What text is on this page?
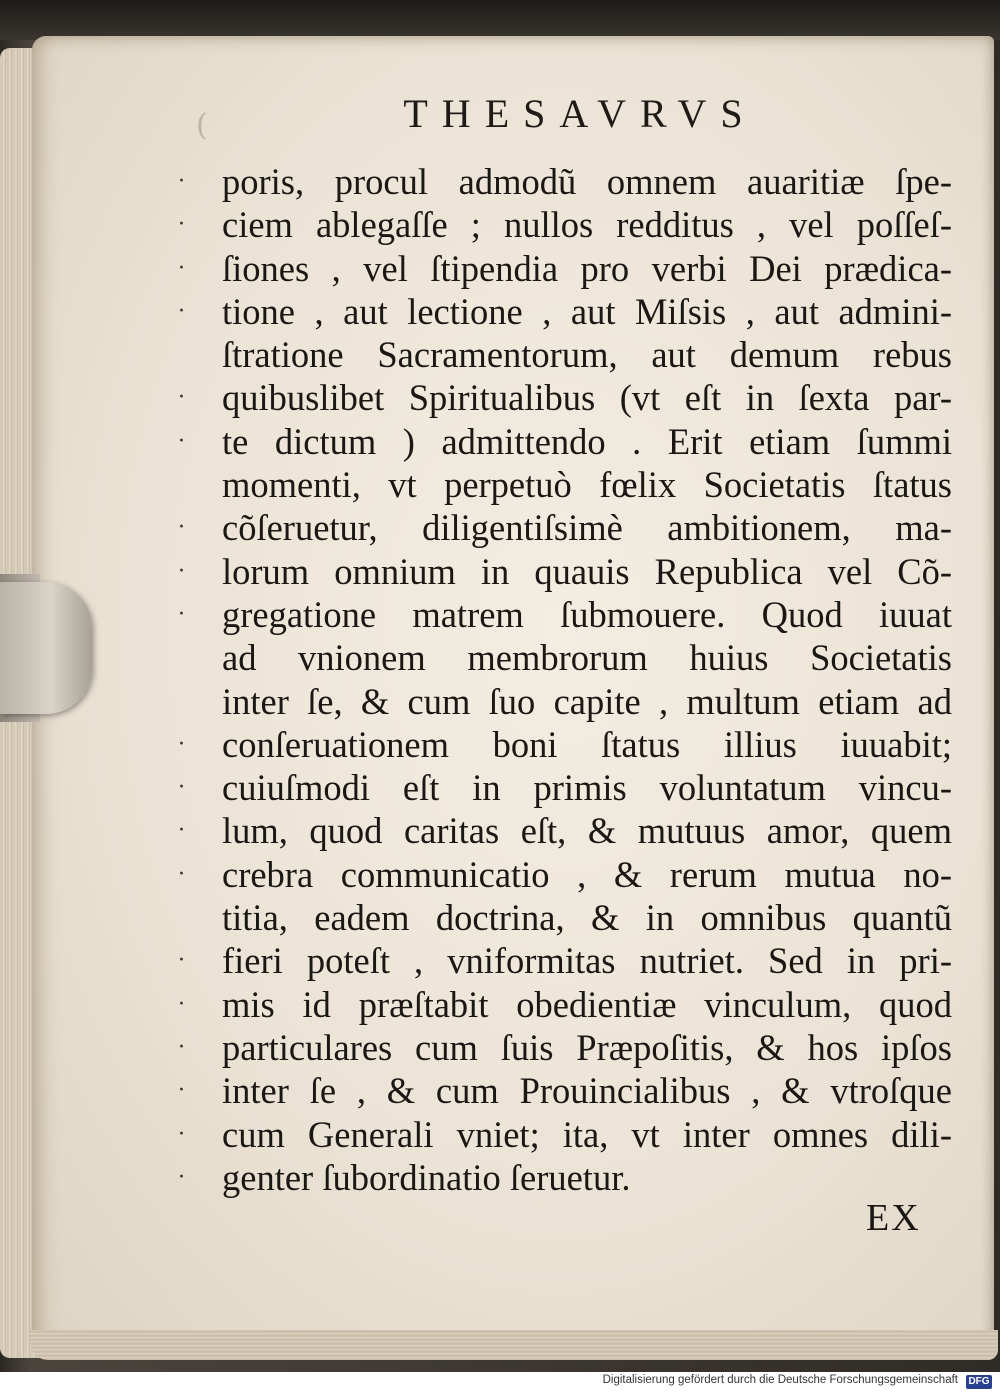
(	THESAVRVS
·
·
·
·
·
·
·
·
·
·
·
·
·
·
·
·
·
·
·
poris, procul admodũ omnem auaritiæ ſpe-
ciem ablegaſſe ; nullos redditus , vel poſſeſ-
ſiones , vel ſtipendia pro verbi Dei prædica-
tione , aut lectione , aut Miſsis , aut admini-
ſtratione Sacramentorum, aut demum rebus
quibuslibet Spiritualibus (vt eſt in ſexta par-
te dictum ) admittendo . Erit etiam ſummi
momenti, vt perpetuò fœlix Societatis ſtatus
cõſeruetur, diligentiſsimè ambitionem, ma-
lorum omnium in quauis Republica vel Cõ-
gregatione matrem ſubmouere. Quod iuuat
ad vnionem membrorum huius Societatis
inter ſe, & cum ſuo capite , multum etiam ad
conſeruationem boni ſtatus illius iuuabit;
cuiuſmodi eſt in primis voluntatum vincu-
lum, quod caritas eſt, & mutuus amor, quem
crebra communicatio , & rerum mutua no-
titia, eadem doctrina, & in omnibus quantũ
fieri poteſt , vniformitas nutriet. Sed in pri-
mis id præſtabit obedientiæ vinculum, quod
particulares cum ſuis Præpoſitis, & hos ipſos
inter ſe , & cum Prouincialibus , & vtroſque
cum Generali vniet; ita, vt inter omnes dili-
genter ſubordinatio ſeruetur.
EX
Digitalisierung gefördert durch die Deutsche Forschungsgemeinschaft DFG
